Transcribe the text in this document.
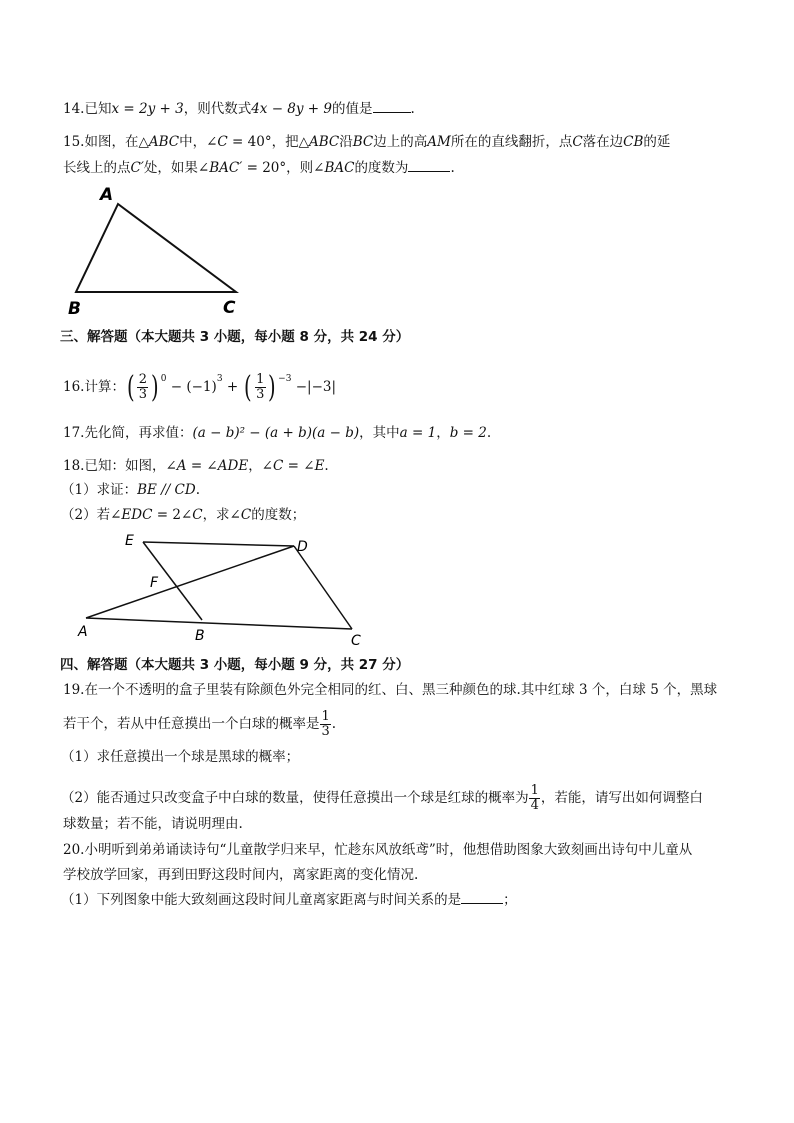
14.已知x = 2y + 3，则代数式4x − 8y + 9的值是	.
15.如图，在△ABC中，∠C = 40°，把△ABC沿BC边上的高AM所在的直线翻折，点C落在边CB的延
长线上的点C′处，如果∠BAC′ = 20°，则∠BAC的度数为	.
A
B	C
三、解答题（本大题共 3 小题，每小题 8 分，共 24 分）
16.计算：( $\frac{2}{3}$ ) $^0 - (-1)^3$ + ( $\frac{1}{3}$ ) $^{-3}$ −|−3|
17.先化简，再求值：(a − b)² − (a + b)(a − b)，其中a = 1，b = 2.
18.已知：如图，∠A = ∠ADE，∠C = ∠E.
（1）求证：BE // CD.
（2）若∠EDC = 2∠C，求∠C的度数；
E	D
F
A	B	C
四、解答题（本大题共 3 小题，每小题 9 分，共 27 分）
19.在一个不透明的盒子里装有除颜色外完全相同的红、白、黑三种颜色的球.其中红球 3 个，白球 5 个，黑球
若干个，若从中任意摸出一个白球的概率是 $\frac{1}{3}$ .
（1）求任意摸出一个球是黑球的概率；
（2）能否通过只改变盒子中白球的数量，使得任意摸出一个球是红球的概率为 $\frac{1}{4}$ ，若能，请写出如何调整白
球数量；若不能，请说明理由.
20.小明听到弟弟诵读诗句“儿童散学归来早，忙趁东风放纸鸢”时，他想借助图象大致刻画出诗句中儿童从
学校放学回家，再到田野这段时间内，离家距离的变化情况.
（1）下列图象中能大致刻画这段时间儿童离家距离与时间关系的是	；
